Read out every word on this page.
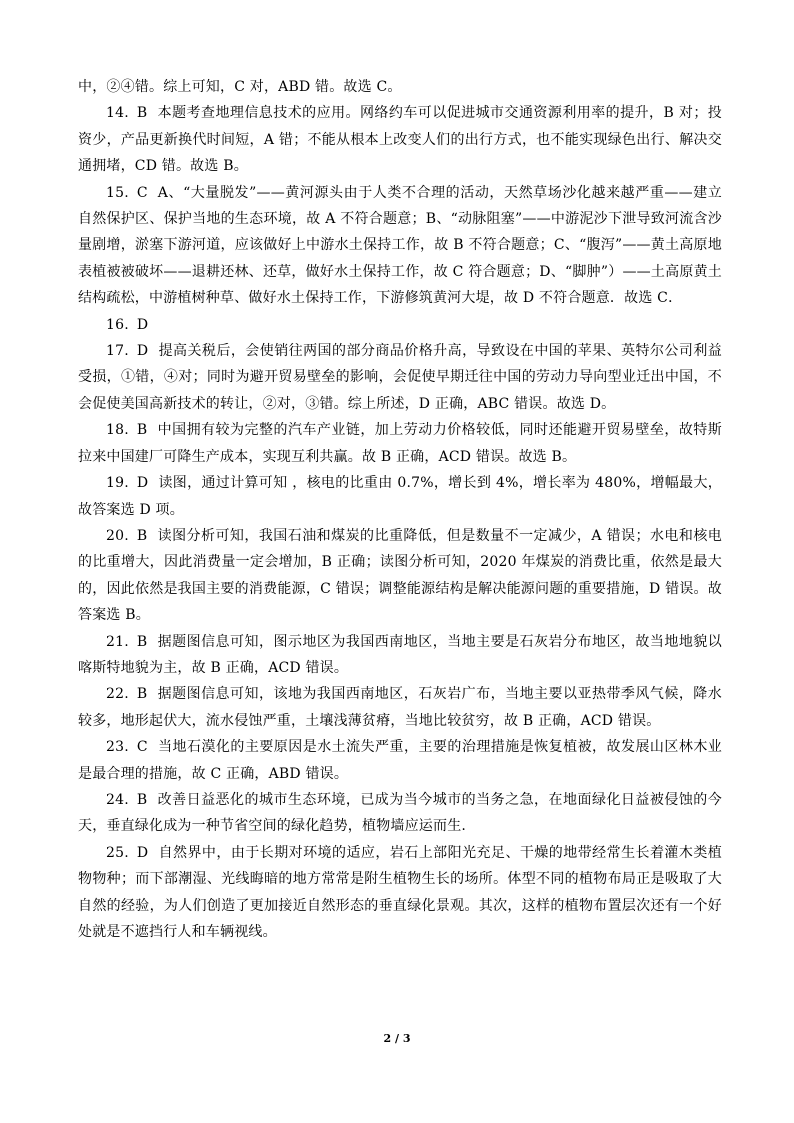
中，②④错。综上可知，C 对，ABD 错。故选 C。

14. B 本题考查地理信息技术的应用。网络约车可以促进城市交通资源利用率的提升，B 对；投资少，产品更新换代时间短，A 错；不能从根本上改变人们的出行方式，也不能实现绿色出行、解决交通拥堵，CD 错。故选 B。

15. C A、“大量脱发”——黄河源头由于人类不合理的活动，天然草场沙化越来越严重——建立自然保护区、保护当地的生态环境，故 A 不符合题意；B、“动脉阻塞”——中游泥沙下泄导致河流含沙量剧增，淤塞下游河道，应该做好上中游水土保持工作，故 B 不符合题意；C、“腹泻”——黄土高原地表植被被破坏——退耕还林、还草，做好水土保持工作，故 C 符合题意；D、“脚肿”）——土高原黄土结构疏松，中游植树种草、做好水土保持工作，下游修筑黄河大堤，故 D 不符合题意．故选 C．

16. D

17. D 提高关税后，会使销往两国的部分商品价格升高，导致设在中国的苹果、英特尔公司利益受损，①错，④对；同时为避开贸易壁垒的影响，会促使早期迁往中国的劳动力导向型业迁出中国，不会促使美国高新技术的转让，②对，③错。综上所述，D 正确，ABC 错误。故选 D。

18. B 中国拥有较为完整的汽车产业链，加上劳动力价格较低，同时还能避开贸易壁垒，故特斯拉来中国建厂可降生产成本，实现互利共赢。故 B 正确，ACD 错误。故选 B。

19. D 读图，通过计算可知 ，核电的比重由 0.7%，增长到 4%，增长率为 480%，增幅最大，故答案选 D 项。

20. B 读图分析可知，我国石油和煤炭的比重降低，但是数量不一定减少，A 错误；水电和核电的比重增大，因此消费量一定会增加，B 正确；读图分析可知，2020 年煤炭的消费比重，依然是最大的，因此依然是我国主要的消费能源，C 错误；调整能源结构是解决能源问题的重要措施，D 错误。故答案选 B。

21. B 据题图信息可知，图示地区为我国西南地区，当地主要是石灰岩分布地区，故当地地貌以喀斯特地貌为主，故 B 正确，ACD 错误。

22. B 据题图信息可知，该地为我国西南地区，石灰岩广布，当地主要以亚热带季风气候，降水较多，地形起伏大，流水侵蚀严重，土壤浅薄贫瘠，当地比较贫穷，故 B 正确，ACD 错误。

23. C 当地石漠化的主要原因是水土流失严重，主要的治理措施是恢复植被，故发展山区林木业是最合理的措施，故 C 正确，ABD 错误。

24. B 改善日益恶化的城市生态环境，已成为当今城市的当务之急，在地面绿化日益被侵蚀的今天，垂直绿化成为一种节省空间的绿化趋势，植物墙应运而生.

25. D 自然界中，由于长期对环境的适应，岩石上部阳光充足、干燥的地带经常生长着灌木类植物物种；而下部潮湿、光线晦暗的地方常常是附生植物生长的场所。体型不同的植物布局正是吸取了大自然的经验，为人们创造了更加接近自然形态的垂直绿化景观。其次，这样的植物布置层次还有一个好处就是不遮挡行人和车辆视线。

2 / 3
